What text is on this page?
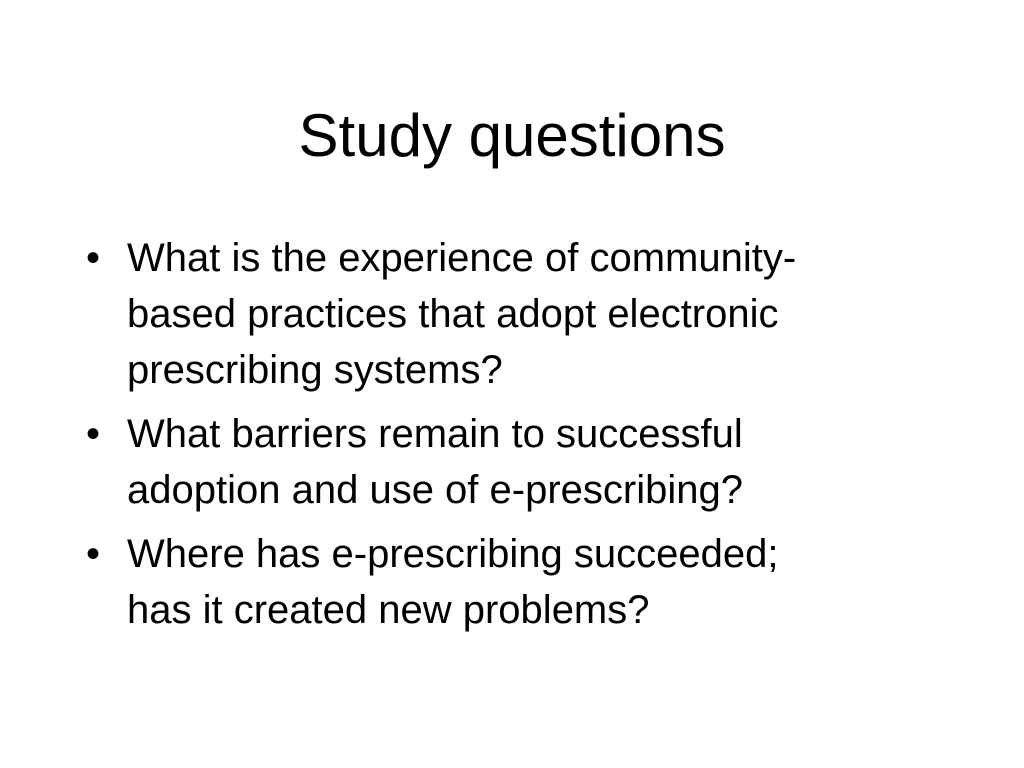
Study questions
• What is the experience of community-
based practices that adopt electronic
prescribing systems?
• What barriers remain to successful
adoption and use of e-prescribing?
• Where has e-prescribing succeeded;
has it created new problems?
